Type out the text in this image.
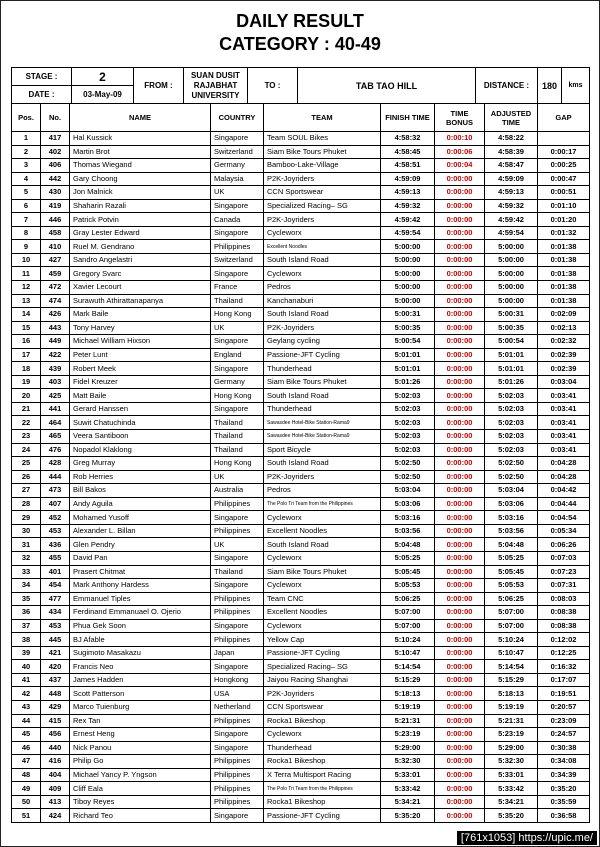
DAILY RESULT
CATEGORY : 40-49
STAGE :	2	FROM :	SUAN DUSIT RAJABHAT UNIVERSITY	TO :	TAB TAO HILL	DISTANCE :	180	kms
DATE :	03-May-09							
Pos.	No.	NAME	COUNTRY	TEAM	FINISH TIME	TIME BONUS	ADJUSTED TIME	GAP
1	417	Hal Kussick	Singapore	Team SOUL Bikes	4:58:32	0:00:10	4:58:22	
2	402	Martin Brot	Switzerland	Siam Bike Tours Phuket	4:58:45	0:00:06	4:58:39	0:00:17
3	406	Thomas Wiegand	Germany	Bamboo-Lake-Village	4:58:51	0:00:04	4:58:47	0:00:25
4	442	Gary Choong	Malaysia	P2K-Joyriders	4:59:09	0:00:00	4:59:09	0:00:47
5	430	Jon Malnick	UK	CCN Sportswear	4:59:13	0:00:00	4:59:13	0:00:51
6	419	Shaharin Razali	Singapore	Specialized Racing– SG	4:59:32	0:00:00	4:59:32	0:01:10
7	446	Patrick Potvin	Canada	P2K-Joyriders	4:59:42	0:00:00	4:59:42	0:01:20
8	458	Gray Lester Edward	Singapore	Cycleworx	4:59:54	0:00:00	4:59:54	0:01:32
9	410	Ruel M. Gendrano	Philippines	Excellent Noodles	5:00:00	0:00:00	5:00:00	0:01:38
10	427	Sandro Angelastri	Switzerland	South Island Road	5:00:00	0:00:00	5:00:00	0:01:38
11	459	Gregory Svarc	Singapore	Cycleworx	5:00:00	0:00:00	5:00:00	0:01:38
12	472	Xavier Lecourt	France	Pedros	5:00:00	0:00:00	5:00:00	0:01:38
13	474	Surawuth Athirattanapanya	Thailand	Kanchanaburi	5:00:00	0:00:00	5:00:00	0:01:38
14	426	Mark Baile	Hong Kong	South Island Road	5:00:31	0:00:00	5:00:31	0:02:09
15	443	Tony Harvey	UK	P2K-Joyriders	5:00:35	0:00:00	5:00:35	0:02:13
16	449	Michael William Hixson	Singapore	Geylang cycling	5:00:54	0:00:00	5:00:54	0:02:32
17	422	Peter Lunt	England	Passione-JFT Cycling	5:01:01	0:00:00	5:01:01	0:02:39
18	439	Robert Meek	Singapore	Thunderhead	5:01:01	0:00:00	5:01:01	0:02:39
19	403	Fidel Kreuzer	Germany	Siam Bike Tours Phuket	5:01:26	0:00:00	5:01:26	0:03:04
20	425	Matt Baile	Hong Kong	South Island Road	5:02:03	0:00:00	5:02:03	0:03:41
21	441	Gerard Hanssen	Singapore	Thunderhead	5:02:03	0:00:00	5:02:03	0:03:41
22	464	Suwit Chatuchinda	Thailand	Sawasdee Hotel-Bike Station-Rama9	5:02:03	0:00:00	5:02:03	0:03:41
23	465	Veera Santiboon	Thailand	Sawasdee Hotel-Bike Station-Rama9	5:02:03	0:00:00	5:02:03	0:03:41
24	476	Nopadol Klaklong	Thailand	Sport Bicycle	5:02:03	0:00:00	5:02:03	0:03:41
25	428	Greg Murray	Hong Kong	South Island Road	5:02:50	0:00:00	5:02:50	0:04:28
26	444	Rob Herries	UK	P2K-Joyriders	5:02:50	0:00:00	5:02:50	0:04:28
27	473	Bill Bakos	Australia	Pedros	5:03:04	0:00:00	5:03:04	0:04:42
28	407	Andy Aguila	Philippines	The Polo Tri Team from the Philippines	5:03:06	0:00:00	5:03:06	0:04:44
29	452	Mohamed Yusoff	Singapore	Cycleworx	5:03:16	0:00:00	5:03:16	0:04:54
30	453	Alexander L. Billan	Philippines	Excellent Noodles	5:03:56	0:00:00	5:03:56	0:05:34
31	436	Glen Pendry	UK	South Island Road	5:04:48	0:00:00	5:04:48	0:06:26
32	455	David Pan	Singapore	Cycleworx	5:05:25	0:00:00	5:05:25	0:07:03
33	401	Prasert Chitmat	Thailand	Siam Bike Tours Phuket	5:05:45	0:00:00	5:05:45	0:07:23
34	454	Mark Anthony Hardess	Singapore	Cycleworx	5:05:53	0:00:00	5:05:53	0:07:31
35	477	Emmanuel Tiples	Philippines	Team CNC	5:06:25	0:00:00	5:06:25	0:08:03
36	434	Ferdinand Emmanuael O. Ojerio	Philippines	Excellent Noodles	5:07:00	0:00:00	5:07:00	0:08:38
37	453	Phua Gek Soon	Singapore	Cycleworx	5:07:00	0:00:00	5:07:00	0:08:38
38	445	BJ Afable	Philippines	Yellow Cap	5:10:24	0:00:00	5:10:24	0:12:02
39	421	Sugimoto Masakazu	Japan	Passione-JFT Cycling	5:10:47	0:00:00	5:10:47	0:12:25
40	420	Francis Neo	Singapore	Specialized Racing– SG	5:14:54	0:00:00	5:14:54	0:16:32
41	437	James Hadden	Hongkong	Jaiyou Racing Shanghai	5:15:29	0:00:00	5:15:29	0:17:07
42	448	Scott Patterson	USA	P2K-Joyriders	5:18:13	0:00:00	5:18:13	0:19:51
43	429	Marco Tuienburg	Netherland	CCN Sportswear	5:19:19	0:00:00	5:19:19	0:20:57
44	415	Rex Tan	Philippines	Rocka1 Bikeshop	5:21:31	0:00:00	5:21:31	0:23:09
45	456	Ernest Heng	Singapore	Cycleworx	5:23:19	0:00:00	5:23:19	0:24:57
46	440	Nick Panou	Singapore	Thunderhead	5:29:00	0:00:00	5:29:00	0:30:38
47	416	Philip Go	Philippines	Rocka1 Bikeshop	5:32:30	0:00:00	5:32:30	0:34:08
48	404	Michael Yancy P. Yngson	Philippines	X Terra Multisport Racing	5:33:01	0:00:00	5:33:01	0:34:39
49	409	Cliff Eala	Philippines	The Polo Tri Team from the Philippines	5:33:42	0:00:00	5:33:42	0:35:20
50	413	Tiboy Reyes	Philippines	Rocka1 Bikeshop	5:34:21	0:00:00	5:34:21	0:35:59
51	424	Richard Teo	Singapore	Passione-JFT Cycling	5:35:20	0:00:00	5:35:20	0:36:58
[761x1053] https://upic.me/
